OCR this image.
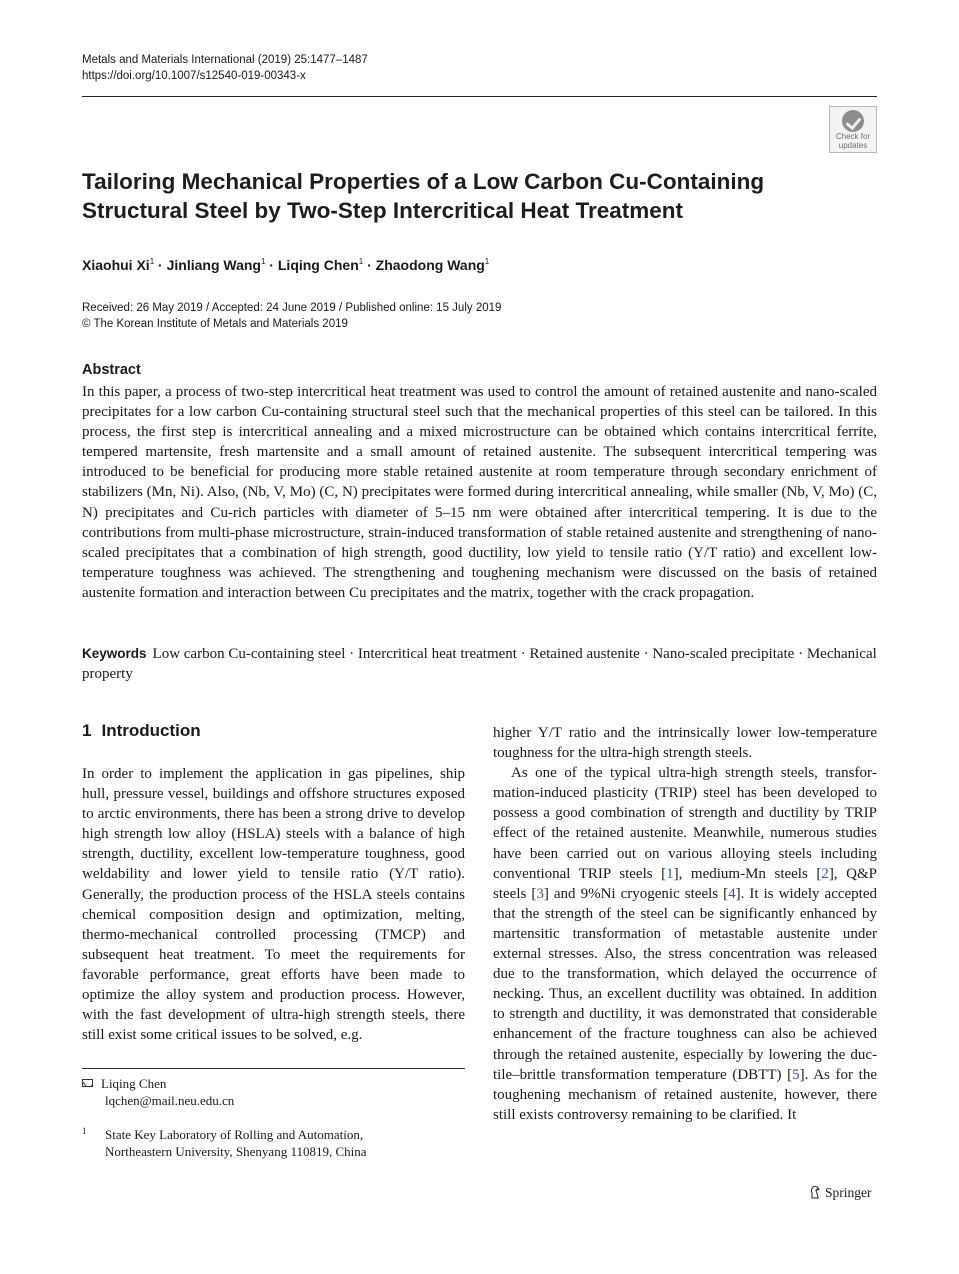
Metals and Materials International (2019) 25:1477–1487
https://doi.org/10.1007/s12540-019-00343-x
Check for
updates
Tailoring Mechanical Properties of a Low Carbon Cu-Containing
Structural Steel by Two-Step Intercritical Heat Treatment
Xiaohui $Xi^1$ · Jinliang Wang$^1$ · Liqing Chen$^1$ · Zhaodong Wang$^1$
Received: 26 May 2019 / Accepted: 24 June 2019 / Published online: 15 July 2019
© The Korean Institute of Metals and Materials 2019
Abstract
In this paper, a process of two-step intercritical heat treatment was used to control the amount of retained austenite and nano-scaled precipitates for a low carbon Cu-containing structural steel such that the mechanical properties of this steel can be tailored. In this process, the first step is intercritical annealing and a mixed microstructure can be obtained which contains intercritical ferrite, tempered martensite, fresh martensite and a small amount of retained austenite. The subsequent intercritical tempering was introduced to be beneficial for producing more stable retained austenite at room temperature through secondary enrichment of stabilizers (Mn, Ni). Also, (Nb, V, Mo) (C, N) precipitates were formed during intercritical annealing, while smaller (Nb, V, Mo) (C, N) precipitates and Cu-rich particles with diameter of 5–15 nm were obtained after intercritical tempering. It is due to the contributions from multi-phase microstructure, strain-induced transformation of stable retained austenite and strengthening of nano-scaled precipitates that a combination of high strength, good ductility, low yield to tensile ratio (Y/T ratio) and excellent low-temperature toughness was achieved. The strengthening and toughening mechanism were discussed on the basis of retained austenite formation and interaction between Cu precipitates and the matrix, together with the crack propagation.
Keywords Low carbon Cu-containing steel · Intercritical heat treatment · Retained austenite · Nano-scaled precipitate · Mechanical property
1 Introduction
In order to implement the application in gas pipelines, ship hull, pressure vessel, buildings and offshore structures exposed to arctic environments, there has been a strong drive to develop high strength low alloy (HSLA) steels with a balance of high strength, ductility, excellent low-temperature toughness, good weldability and lower yield to tensile ratio (Y/T ratio). Generally, the production process of the HSLA steels contains chemical composition design and optimization, melting, thermo-mechanical controlled processing (TMCP) and subsequent heat treatment. To meet the requirements for favorable performance, great efforts have been made to optimize the alloy system and production process. However, with the fast development of ultra-high strength steels, there still exist some critical issues to be solved, e.g.

higher Y/T ratio and the intrinsically lower low-temperature toughness for the ultra-high strength steels.

As one of the typical ultra-high strength steels, transformation-induced plasticity (TRIP) steel has been developed to possess a good combination of strength and ductility by TRIP effect of the retained austenite. Meanwhile, numerous studies have been carried out on various alloying steels including conventional TRIP steels [1], medium-Mn steels [2], Q&P steels [3] and 9%Ni cryogenic steels [4]. It is widely accepted that the strength of the steel can be significantly enhanced by martensitic transformation of metastable austenite under external stresses. Also, the stress concentration was released due to the transformation, which delayed the occurrence of necking. Thus, an excellent ductility was obtained. In addition to strength and ductility, it was demonstrated that considerable enhancement of the fracture toughness can also be achieved through the retained austenite, especially by lowering the ductile–brittle transformation temperature (DBTT) [5]. As for the toughening mechanism of retained austenite, however, there still exists controversy remaining to be clarified. It

Liqing Chen
lqchen@mail.neu.edu.cn
1 State Key Laboratory of Rolling and Automation,
Northeastern University, Shenyang 110819, China
Springer
